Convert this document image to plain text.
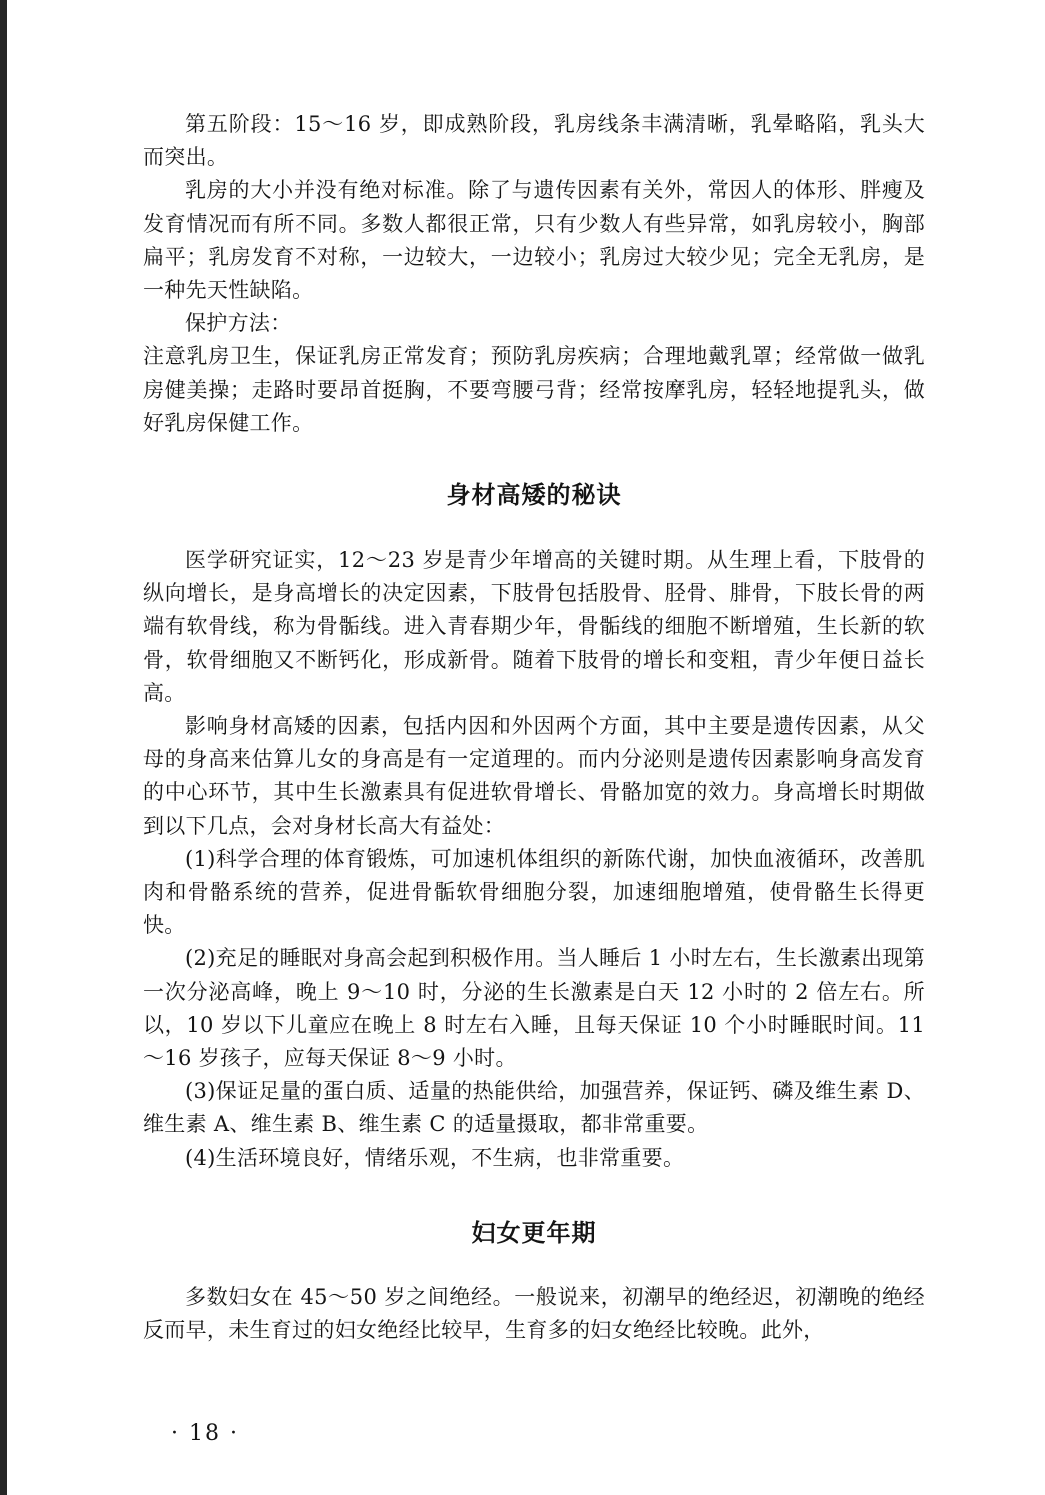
第五阶段：15～16 岁，即成熟阶段，乳房线条丰满清晰，乳晕略陷，乳头大而突出。

乳房的大小并没有绝对标准。除了与遗传因素有关外，常因人的体形、胖瘦及发育情况而有所不同。多数人都很正常，只有少数人有些异常，如乳房较小，胸部扁平；乳房发育不对称，一边较大，一边较小；乳房过大较少见；完全无乳房，是一种先天性缺陷。

保护方法：

注意乳房卫生，保证乳房正常发育；预防乳房疾病；合理地戴乳罩；经常做一做乳房健美操；走路时要昂首挺胸，不要弯腰弓背；经常按摩乳房，轻轻地提乳头，做好乳房保健工作。

身材高矮的秘诀

医学研究证实，12～23 岁是青少年增高的关键时期。从生理上看，下肢骨的纵向增长，是身高增长的决定因素，下肢骨包括股骨、胫骨、腓骨，下肢长骨的两端有软骨线，称为骨骺线。进入青春期少年，骨骺线的细胞不断增殖，生长新的软骨，软骨细胞又不断钙化，形成新骨。随着下肢骨的增长和变粗，青少年便日益长高。

影响身材高矮的因素，包括内因和外因两个方面，其中主要是遗传因素，从父母的身高来估算儿女的身高是有一定道理的。而内分泌则是遗传因素影响身高发育的中心环节，其中生长激素具有促进软骨增长、骨骼加宽的效力。身高增长时期做到以下几点，会对身材长高大有益处：

(1)科学合理的体育锻炼，可加速机体组织的新陈代谢，加快血液循环，改善肌肉和骨骼系统的营养，促进骨骺软骨细胞分裂，加速细胞增殖，使骨骼生长得更快。

(2)充足的睡眠对身高会起到积极作用。当人睡后 1 小时左右，生长激素出现第一次分泌高峰，晚上 9～10 时，分泌的生长激素是白天 12 小时的 2 倍左右。所以，10 岁以下儿童应在晚上 8 时左右入睡，且每天保证 10 个小时睡眠时间。11～16 岁孩子，应每天保证 8～9 小时。

(3)保证足量的蛋白质、适量的热能供给，加强营养，保证钙、磷及维生素 D、维生素 A、维生素 B、维生素 C 的适量摄取，都非常重要。

(4)生活环境良好，情绪乐观，不生病，也非常重要。

妇女更年期

多数妇女在 45～50 岁之间绝经。一般说来，初潮早的绝经迟，初潮晚的绝经反而早，未生育过的妇女绝经比较早，生育多的妇女绝经比较晚。此外，

· 18 ·
